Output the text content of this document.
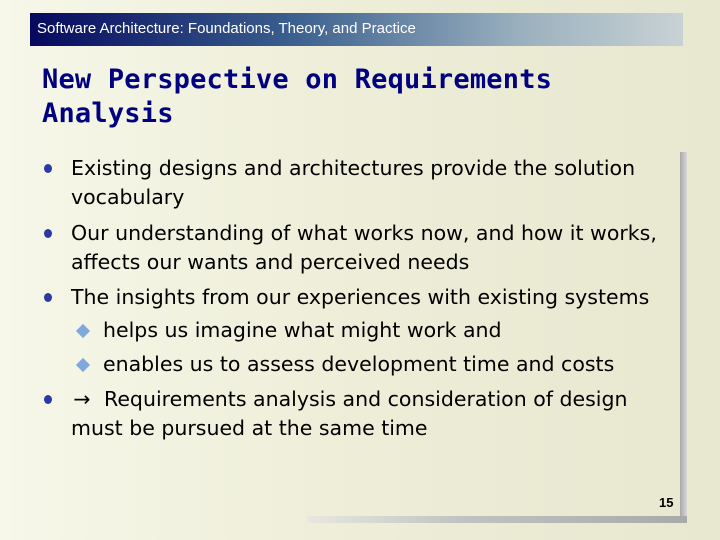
Software Architecture: Foundations, Theory, and Practice
New Perspective on Requirements Analysis
Existing designs and architectures provide the solution vocabulary
Our understanding of what works now, and how it works, affects our wants and perceived needs
The insights from our experiences with existing systems
helps us imagine what might work and
enables us to assess development time and costs
→ Requirements analysis and consideration of design must be pursued at the same time
15
